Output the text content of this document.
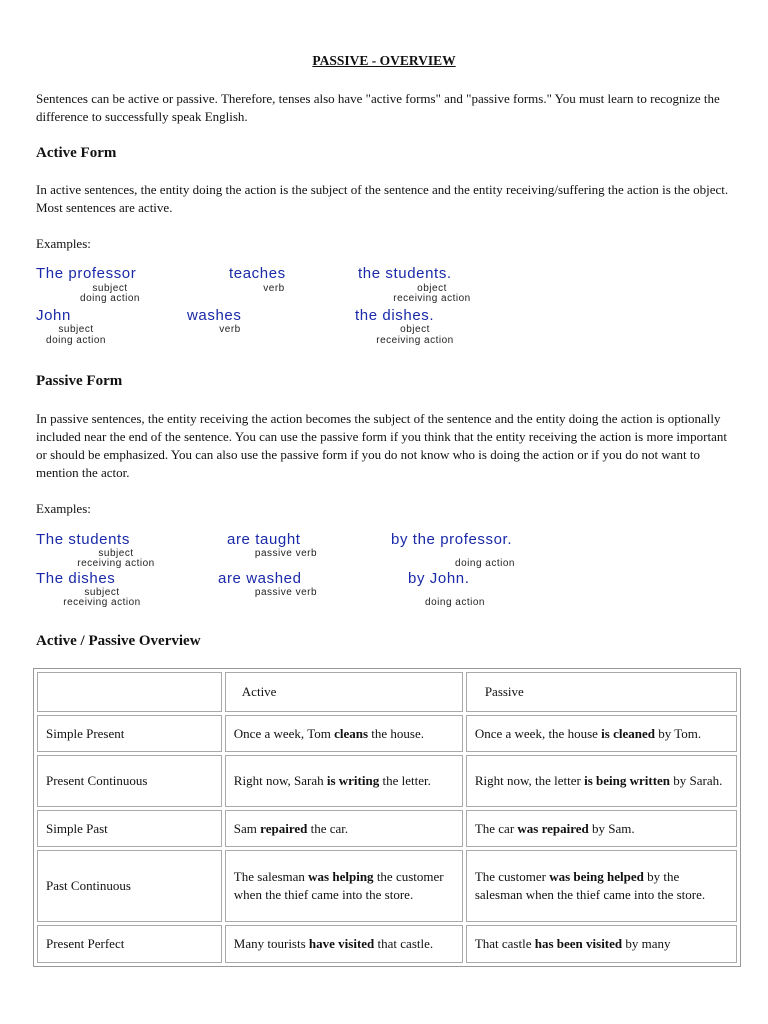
PASSIVE - OVERVIEW
Sentences can be active or passive. Therefore, tenses also have "active forms" and "passive forms." You must learn to recognize the difference to successfully speak English.
Active Form
In active sentences, the entity doing the action is the subject of the sentence and the entity receiving/suffering the action is the object. Most sentences are active.
Examples:
The professor
subject
doing action
teaches
verb
the students.
object
receiving action
John
subject
doing action
washes
verb
the dishes.
object
receiving action
Passive Form
In passive sentences, the entity receiving the action becomes the subject of the sentence and the entity doing the action is optionally included near the end of the sentence. You can use the passive form if you think that the entity receiving the action is more important or should be emphasized. You can also use the passive form if you do not know who is doing the action or if you do not want to mention the actor.
Examples:
The students
subject
receiving action
are taught
passive verb
by the professor.
doing action
The dishes
subject
receiving action
are washed
passive verb
by John.
doing action
Active / Passive Overview
	Active	Passive
Simple Present	Once a week, Tom cleans the house.	Once a week, the house is cleaned by Tom.
Present Continuous	Right now, Sarah is writing the letter.	Right now, the letter is being written by Sarah.
Simple Past	Sam repaired the car.	The car was repaired by Sam.
Past Continuous	The salesman was helping the customer when the thief came into the store.	The customer was being helped by the salesman when the thief came into the store.
Present Perfect	Many tourists have visited that castle.	That castle has been visited by many
